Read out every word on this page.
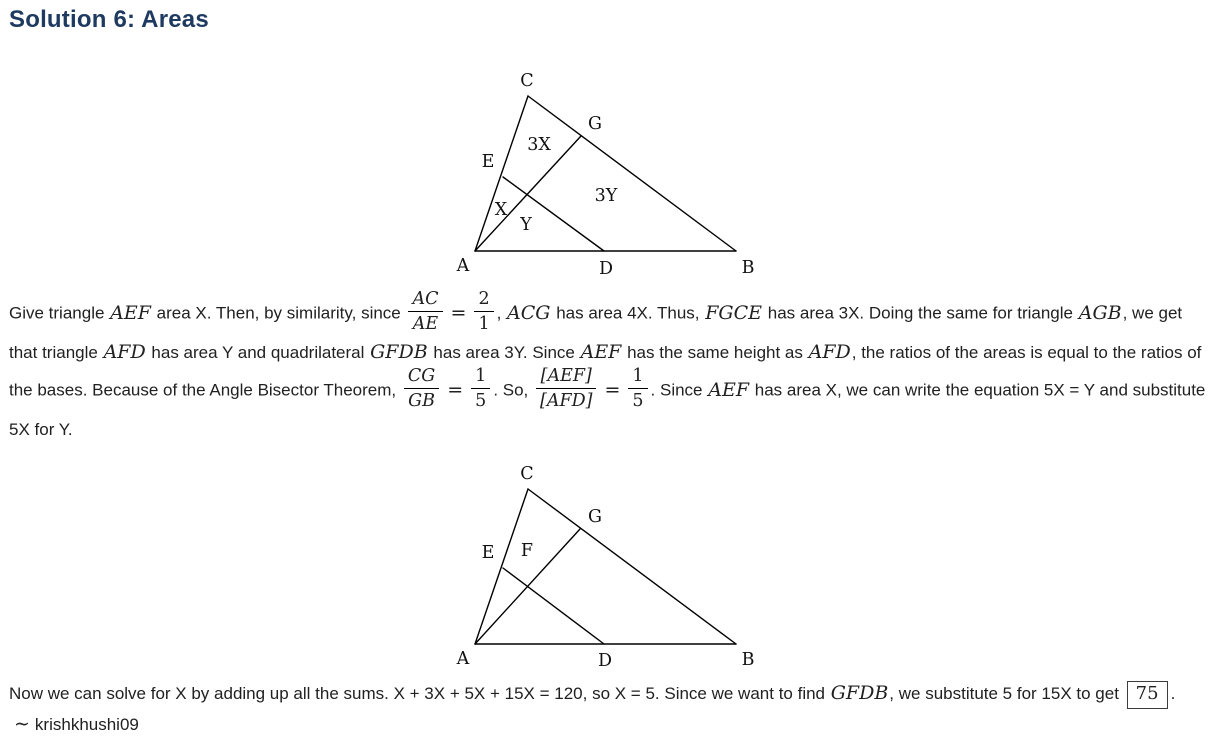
Solution 6: Areas
C
G
E
3X
3Y
X
Y
A	D	B

Give triangle AEF area X. Then, by similarity, since $\frac{AC}{AE} = \frac{2}{1}$ , ACG has area 4X. Thus, FGCE has area 3X. Doing the same for triangle AGB, we get that triangle AFD has area Y and quadrilateral GFDB has area 3Y. Since AEF has the same height as AFD, the ratios of the areas is equal to the ratios of the bases. Because of the Angle Bisector Theorem, $\frac{CG}{GB} = \frac{1}{5}$ . So, $\frac{\text{[AEF]}}{\text{[AFD]}} = \frac{1}{5}$ . Since AEF has area X, we can write the equation 5X = Y and substitute 5X for Y.

C
G
E F
A	D	B

Now we can solve for X by adding up all the sums. X + 3X + 5X + 15X = 120, so X = 5. Since we want to find GFDB, we substitute 5 for 15X to get 75 . ∼ krishkhushi09
